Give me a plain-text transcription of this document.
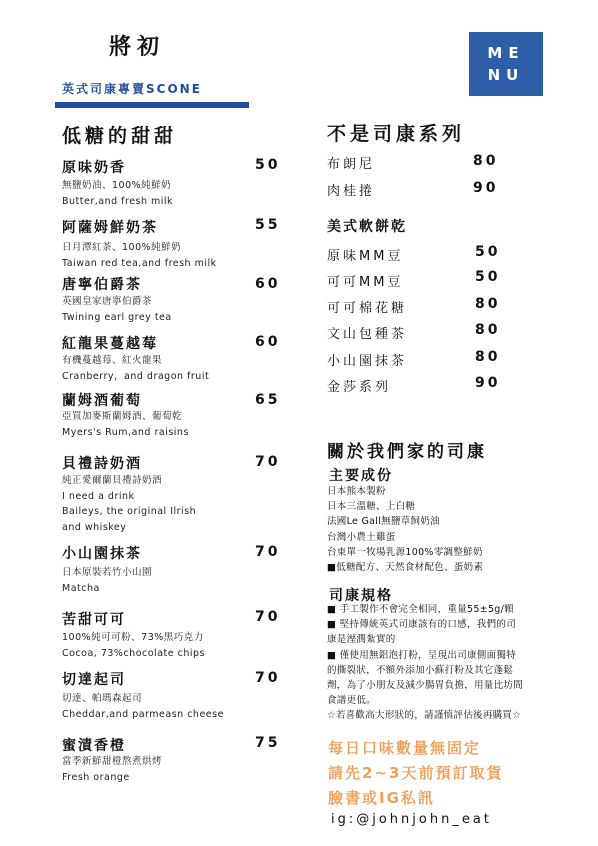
將初
英式司康專賣SCONE
ME
NU
低糖的甜甜
原味奶香	50
無鹽奶油、100%純鮮奶
Butter,and fresh milk
阿薩姆鮮奶茶	55
日月潭紅茶、100%純鮮奶
Taiwan red tea,and fresh milk
唐寧伯爵茶	60
英國皇家唐寧伯爵茶
Twining earl grey tea
紅龍果蔓越莓	60
有機蔓越莓、紅火龍果
Cranberry，and dragon fruit
蘭姆酒葡萄	65
亞買加麥斯蘭姆酒、葡萄乾
Myers's Rum,and raisins
貝禮詩奶酒	70
純正愛爾蘭貝禮詩奶酒
I need a drink
Baileys, the original Ilrish
and whiskey
小山園抹茶	70
日本原裝若竹小山園
Matcha
苦甜可可	70
100%純可可粉、73%黑巧克力
Cocoa, 73%chocolate chips
切達起司	70
切達、帕瑪森起司
Cheddar,and parmeasn cheese
蜜漬香橙	75
當季新鮮甜橙熬煮烘烤
Fresh orange
不是司康系列
布朗尼	80
肉桂捲	90
美式軟餅乾
原味MM豆	50
可可MM豆	50
可可棉花糖	80
文山包種茶	80
小山園抹茶	80
金莎系列	90
關於我們家的司康
主要成份
日本熊本製粉
日本三溫糖、上白糖
法國Le Gall無鹽草飼奶油
台灣小農土雞蛋
台東單一牧場乳源100%零調整鮮奶
■低糖配方、天然食材配色、蛋奶素
司康規格
■ 手工製作不會完全相同，重量55±5g/顆
■ 堅持傳統英式司康該有的口感，我們的司
康是溼潤紮實的
■ 僅使用無鋁泡打粉，呈現出司康側面獨特
的撕裂狀，不額外添加小蘇打粉及其它蓬鬆
劑，為了小朋友及減少腸胃負擔，用量比坊間
食譜更低。
☆若喜歡高大形狀的，請謹慎評估後再購買☆
每日口味數量無固定
請先2~3天前預訂取貨
臉書或IG私訊
ig:@johnjohn_eat
